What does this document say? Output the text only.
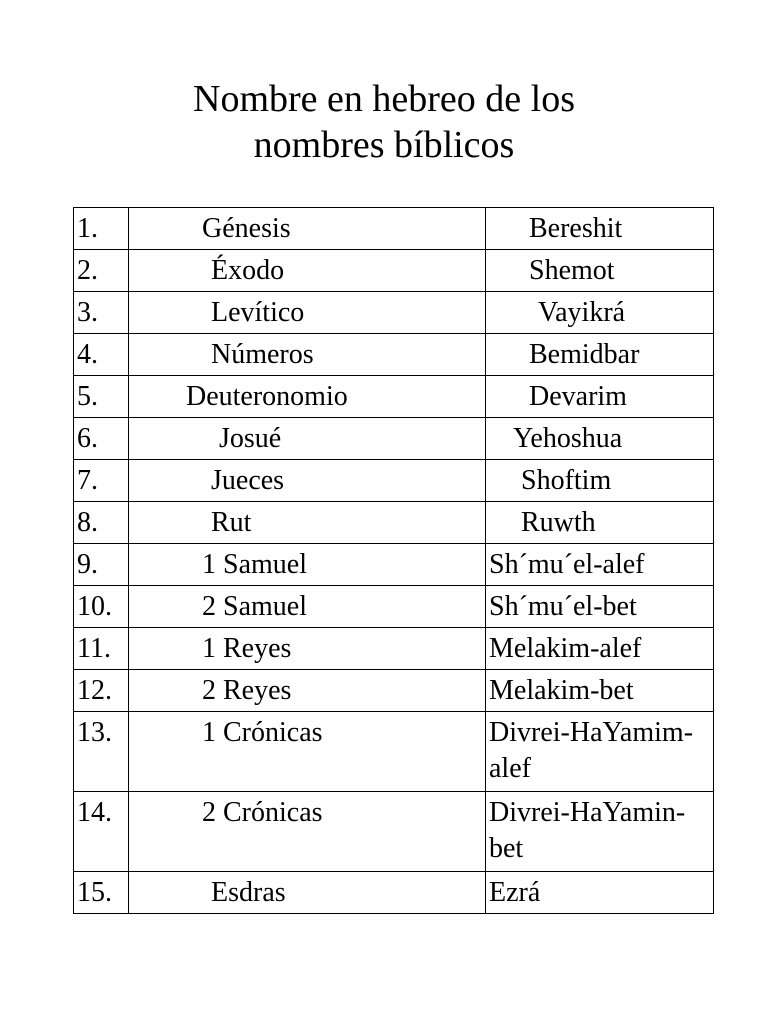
Nombre en hebreo de los
nombres bíblicos
1.	Génesis	Bereshit
2.	Éxodo	Shemot
3.	Levítico	Vayikrá
4.	Números	Bemidbar
5.	Deuteronomio	Devarim
6.	Josué	Yehoshua
7.	Jueces	Shoftim
8.	Rut	Ruwth
9.	1 Samuel	Sh´mu´el-alef
10.	2 Samuel	Sh´mu´el-bet
11.	1 Reyes	Melakim-alef
12.	2 Reyes	Melakim-bet
13.	1 Crónicas	Divrei-HaYamim-alef
14.	2 Crónicas	Divrei-HaYamin-bet
15.	Esdras	Ezrá
